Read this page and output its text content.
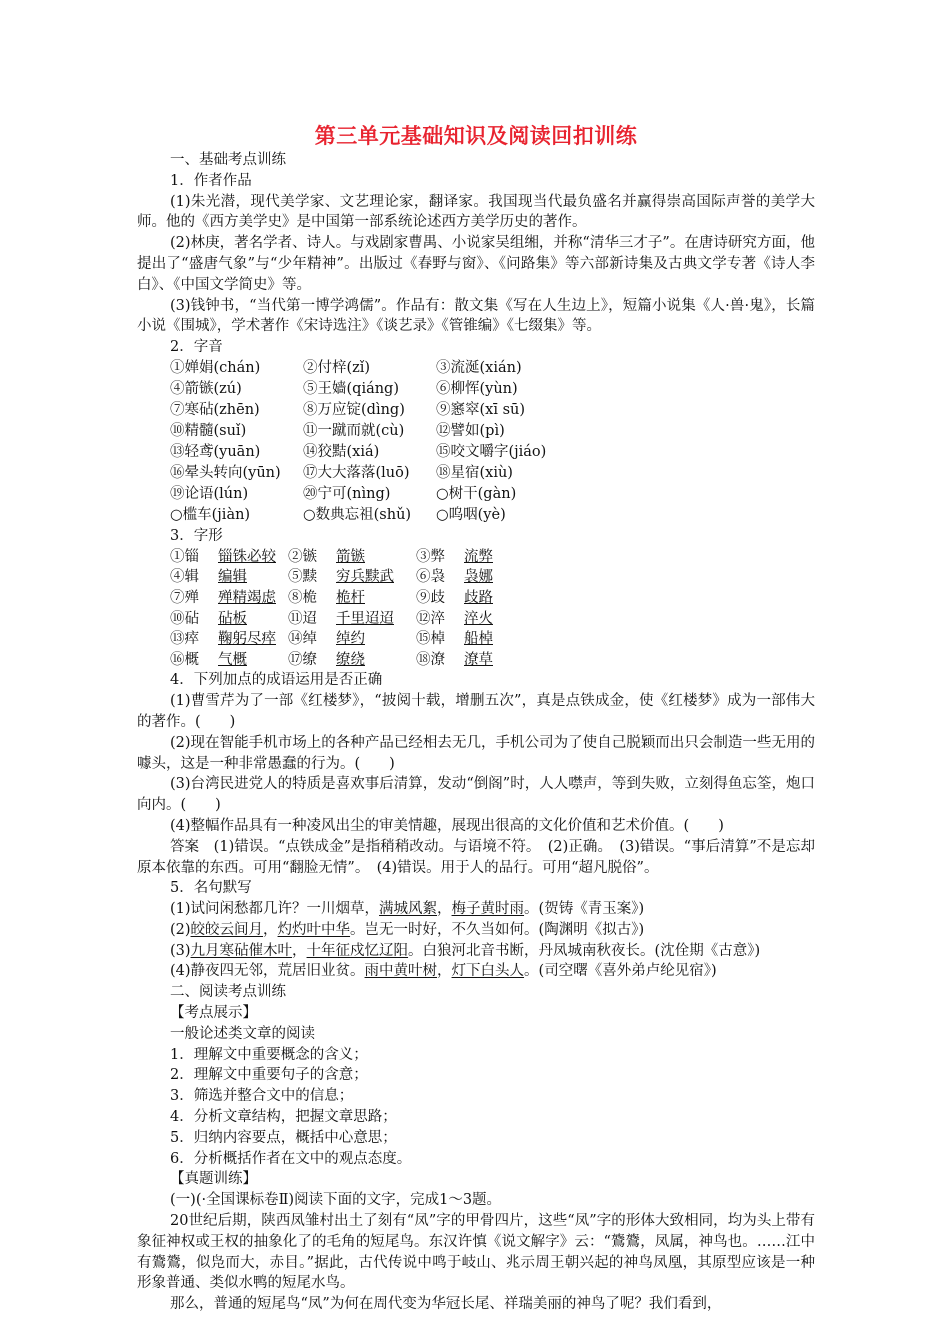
第三单元基础知识及阅读回扣训练

一、基础考点训练

1．作者作品

(1)朱光潜，现代美学家、文艺理论家，翻译家。我国现当代最负盛名并赢得崇高国际声誉的美学大师。他的《西方美学史》是中国第一部系统论述西方美学历史的著作。

(2)林庚，著名学者、诗人。与戏剧家曹禺、小说家吴组缃，并称“清华三才子”。在唐诗研究方面，他提出了“盛唐气象”与“少年精神”。出版过《春野与窗》、《问路集》等六部新诗集及古典文学专著《诗人李白》、《中国文学简史》等。

(3)钱钟书，“当代第一博学鸿儒”。作品有：散文集《写在人生边上》，短篇小说集《人·兽·鬼》，长篇小说《围城》，学术著作《宋诗选注》《谈艺录》《管锥编》《七缀集》等。

2．字音

①婵娟(chán)	②付梓(zǐ)	③流涎(xián)
④箭镞(zú)	⑤王嫱(qiáng)	⑥柳恽(yùn)
⑦寒砧(zhēn)	⑧万应锭(dìng)	⑨窸窣(xī sū)
⑩精髓(suǐ)	⑪一蹴而就(cù)	⑫譬如(pì)
⑬轻鸢(yuān)	⑭狡黠(xiá)	⑮咬文嚼字(jiáo)
⑯晕头转向(yūn)	⑰大大落落(luō)	⑱星宿(xiù)
⑲论语(lún)	⑳宁可(nìng)	○树干(gàn)
○槛车(jiàn)	○数典忘祖(shǔ)	○呜咽(yè)

3．字形

①锱	锱铢必较 ②镞	箭镞	③弊	流弊
④辑	编辑	⑤黩	穷兵黩武	⑥袅	袅娜
⑦殚	殚精竭虑 ⑧桅	桅杆	⑨歧	歧路
⑩砧	砧板	⑪迢	千里迢迢	⑫淬	淬火
⑬瘁	鞠躬尽瘁 ⑭绰	绰约	⑮棹	船棹
⑯概	气概	⑰缭	缭绕	⑱潦	潦草

4．下列加点的成语运用是否正确

(1)曹雪芹为了一部《红楼梦》，“披阅十载，增删五次”，真是点铁成金，使《红楼梦》成为一部伟大的著作。(　　)

(2)现在智能手机市场上的各种产品已经相去无几，手机公司为了使自己脱颖而出只会制造一些无用的噱头，这是一种非常愚蠢的行为。(　　)

(3)台湾民进党人的特质是喜欢事后清算，发动“倒阁”时，人人噤声，等到失败，立刻得鱼忘筌，炮口向内。(　　)

(4)整幅作品具有一种凌风出尘的审美情趣，展现出很高的文化价值和艺术价值。(　　)

答案　(1)错误。“点铁成金”是指稍稍改动。与语境不符。　(2)正确。　(3)错误。“事后清算”不是忘却原本依靠的东西。可用“翻脸无情”。　(4)错误。用于人的品行。可用“超凡脱俗”。

5．名句默写

(1)试问闲愁都几许？一川烟草，满城风絮，梅子黄时雨。(贺铸《青玉案》)

(2)皎皎云间月，灼灼叶中华。岂无一时好，不久当如何。(陶渊明《拟古》)

(3)九月寒砧催木叶，十年征戍忆辽阳。白狼河北音书断，丹凤城南秋夜长。(沈佺期《古意》)

(4)静夜四无邻，荒居旧业贫。雨中黄叶树，灯下白头人。(司空曙《喜外弟卢纶见宿》)

二、阅读考点训练

【考点展示】

一般论述类文章的阅读

1．理解文中重要概念的含义；

2．理解文中重要句子的含意；

3．筛选并整合文中的信息；

4．分析文章结构，把握文章思路；

5．归纳内容要点，概括中心意思；

6．分析概括作者在文中的观点态度。

【真题训练】

(一)(·全国课标卷Ⅱ)阅读下面的文字，完成1～3题。

20世纪后期，陕西凤雏村出土了刻有“凤”字的甲骨四片，这些“凤”字的形体大致相同，均为头上带有象征神权或王权的抽象化了的毛角的短尾鸟。东汉许慎《说文解字》云：“鷟鷟，凤属，神鸟也。……江中有鷟鷟，似凫而大，赤目。”据此，古代传说中鸣于岐山、兆示周王朝兴起的神鸟凤凰，其原型应该是一种形象普通、类似水鸭的短尾水鸟。

那么，普通的短尾鸟“凤”为何在周代变为华冠长尾、祥瑞美丽的神鸟了呢？我们看到，
